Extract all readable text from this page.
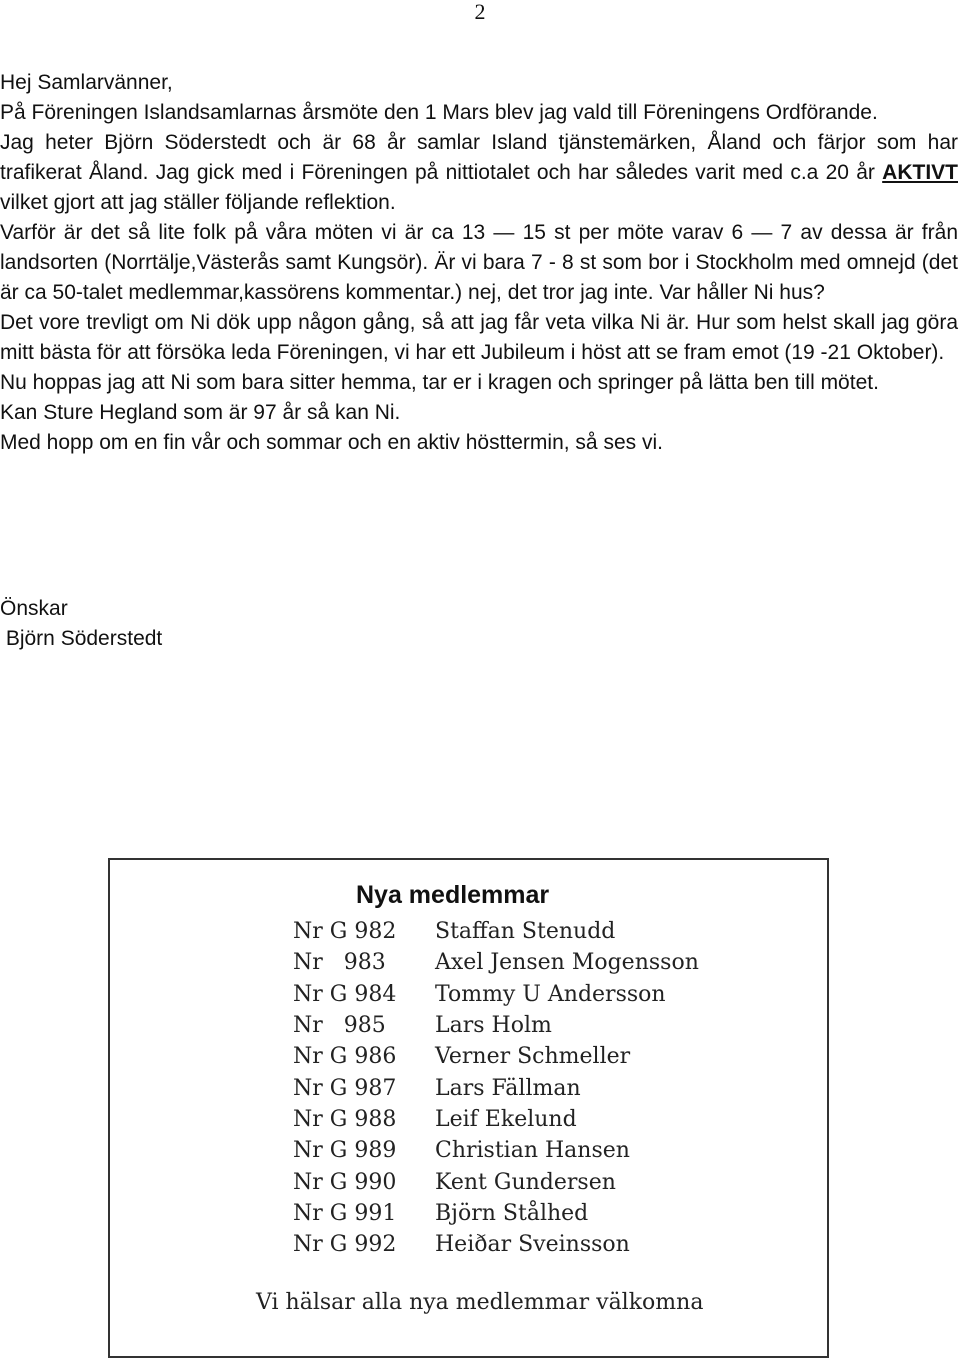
2

Hej Samlarvänner,

På Föreningen Islandsamlarnas årsmöte den 1 Mars blev jag vald till Föreningens Ordförande.

Jag heter Björn Söderstedt och är 68 år samlar Island tjänstemärken, Åland och färjor som har trafikerat Åland. Jag gick med i Föreningen på nittiotalet och har således varit med c.a 20 år AKTIVT vilket gjort att jag ställer följande reflektion.

Varför är det så lite folk på våra möten vi är ca 13 — 15 st per möte varav 6 — 7 av dessa är från landsorten (Norrtälje,Västerås samt Kungsör). Är vi bara 7 - 8 st som bor i Stockholm med omnejd (det är ca 50-talet medlemmar,kassörens kommentar.) nej, det tror jag inte. Var håller Ni hus?

Det vore trevligt om Ni dök upp någon gång, så att jag får veta vilka Ni är. Hur som helst skall jag göra mitt bästa för att försöka leda Föreningen, vi har ett Jubileum i höst att se fram emot (19 -21 Oktober).

Nu hoppas jag att Ni som bara sitter hemma, tar er i kragen och springer på lätta ben till mötet.

Kan Sture Hegland som är 97 år så kan Ni.

Med hopp om en fin vår och sommar och en aktiv hösttermin, så ses vi.

Önskar
Björn Söderstedt
Nya medlemmar
Nr G 982	Staffan Stenudd
Nr   983	Axel Jensen Mogensson
Nr G 984	Tommy U Andersson
Nr   985	Lars Holm
Nr G 986	Verner Schmeller
Nr G 987	Lars Fällman
Nr G 988	Leif Ekelund
Nr G 989	Christian Hansen
Nr G 990	Kent Gundersen
Nr G 991	Björn Stålhed
Nr G 992	Heiðar Sveinsson
Vi hälsar alla nya medlemmar välkomna
